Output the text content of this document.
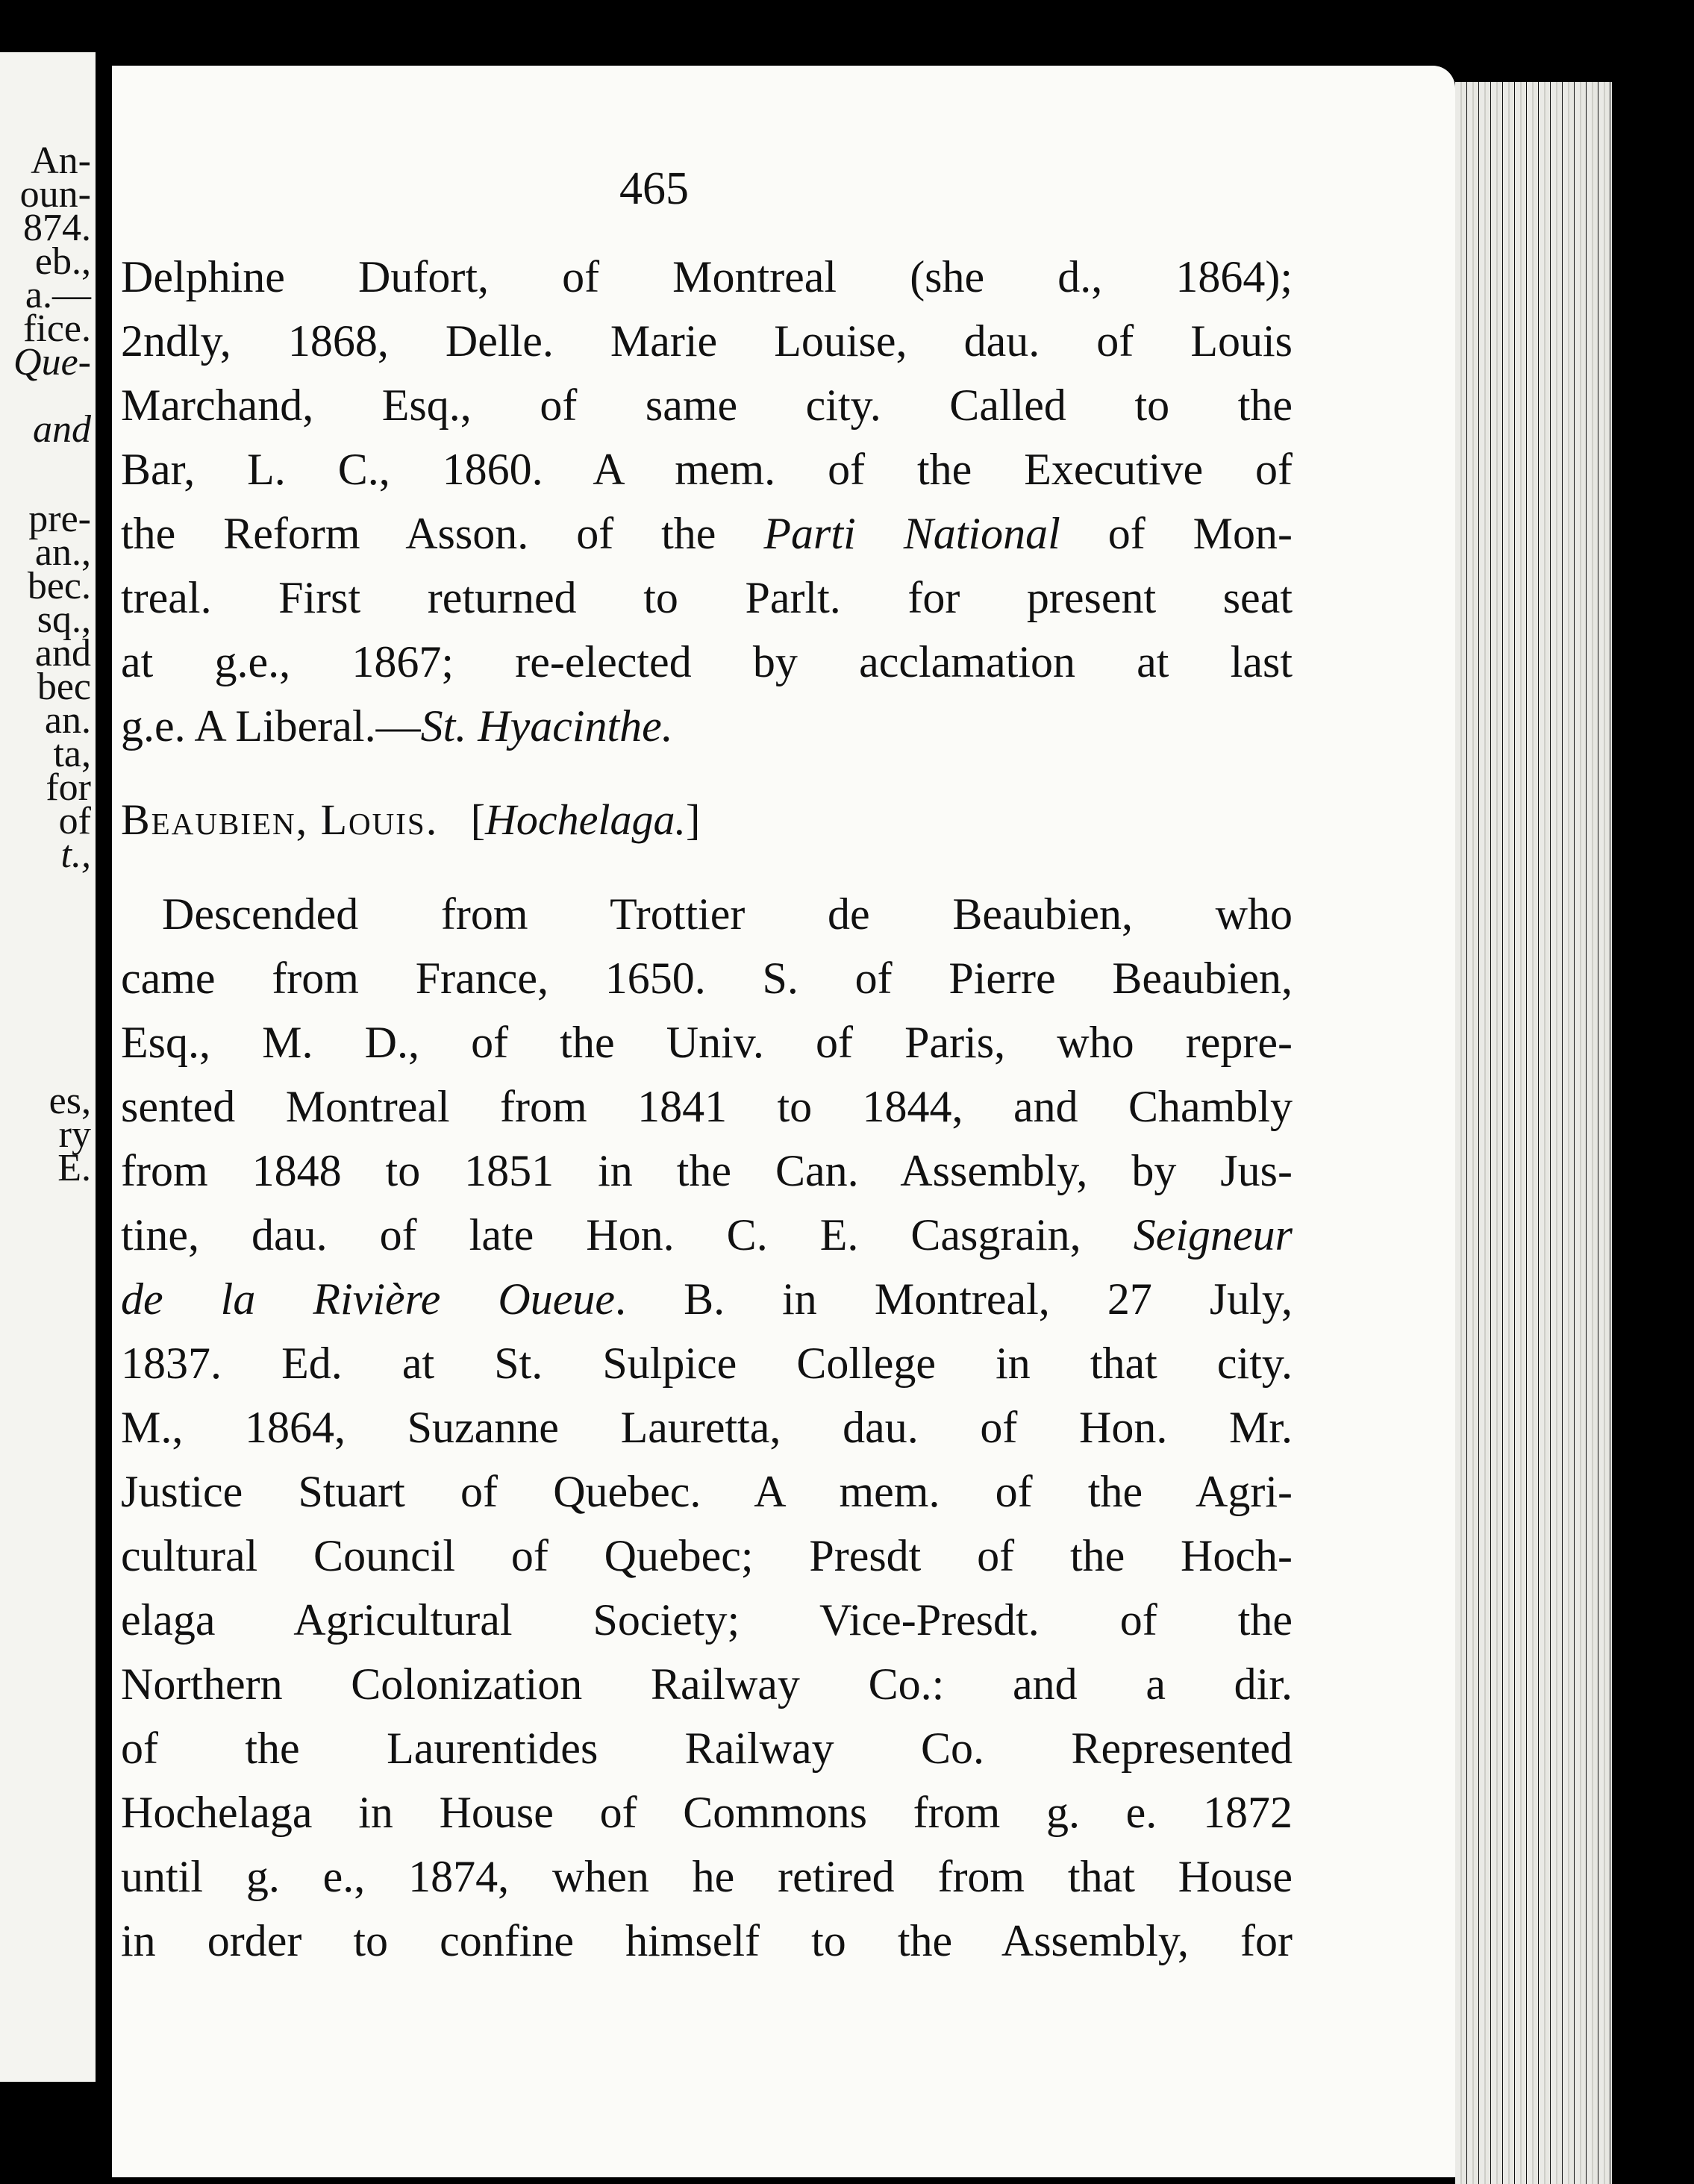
An-
oun-
874.
eb.,
a.—
fice.
Que-
and
pre-
an.,
bec.
sq.,
and
bec
an.
ta,
for
of
t.,
es,
ry
E.
465
Delphine Dufort, of Montreal (she d., 1864);
2ndly, 1868, Delle. Marie Louise, dau. of Louis
Marchand, Esq., of same city. Called to the
Bar, L. C., 1860. A mem. of the Executive of
the Reform Asson. of the Parti National of Mon-
treal. First returned to Parlt. for present seat
at g.e., 1867; re-elected by acclamation at last
g.e. A Liberal.—St. Hyacinthe.
Beaubien, Louis. [Hochelaga.]
Descended from Trottier de Beaubien, who
came from France, 1650. S. of Pierre Beaubien,
Esq., M. D., of the Univ. of Paris, who repre-
sented Montreal from 1841 to 1844, and Chambly
from 1848 to 1851 in the Can. Assembly, by Jus-
tine, dau. of late Hon. C. E. Casgrain, Seigneur
de la Rivière Oueue. B. in Montreal, 27 July,
1837. Ed. at St. Sulpice College in that city.
M., 1864, Suzanne Lauretta, dau. of Hon. Mr.
Justice Stuart of Quebec. A mem. of the Agri-
cultural Council of Quebec; Presdt of the Hoch-
elaga Agricultural Society; Vice-Presdt. of the
Northern Colonization Railway Co.: and a dir.
of the Laurentides Railway Co. Represented
Hochelaga in House of Commons from g. e. 1872
until g. e., 1874, when he retired from that House
in order to confine himself to the Assembly, for
